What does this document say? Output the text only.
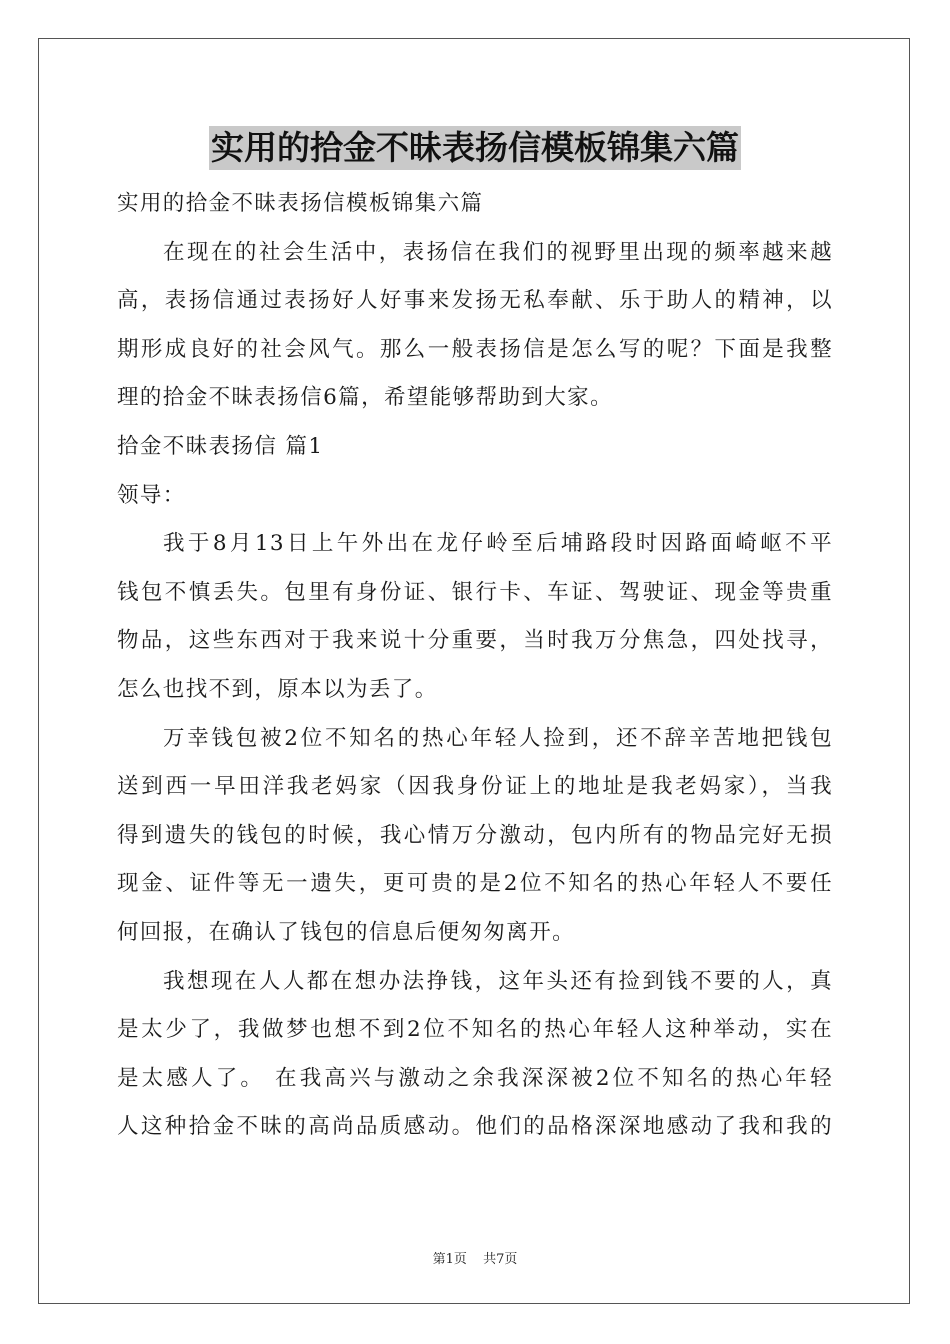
实用的拾金不昧表扬信模板锦集六篇
实用的拾金不昧表扬信模板锦集六篇
在现在的社会生活中，表扬信在我们的视野里出现的频率越来越
高，表扬信通过表扬好人好事来发扬无私奉献、乐于助人的精神，以
期形成良好的社会风气。那么一般表扬信是怎么写的呢？下面是我整
理的拾金不昧表扬信6篇，希望能够帮助到大家。
拾金不昧表扬信 篇1
领导：
我于8月13日上午外出在龙仔岭至后埔路段时因路面崎岖不平
钱包不慎丢失。包里有身份证、银行卡、车证、驾驶证、现金等贵重
物品，这些东西对于我来说十分重要，当时我万分焦急，四处找寻，
怎么也找不到，原本以为丢了。
万幸钱包被2位不知名的热心年轻人捡到，还不辞辛苦地把钱包
送到西一早田洋我老妈家（因我身份证上的地址是我老妈家），当我
得到遗失的钱包的时候，我心情万分激动，包内所有的物品完好无损
现金、证件等无一遗失，更可贵的是2位不知名的热心年轻人不要任
何回报，在确认了钱包的信息后便匆匆离开。
我想现在人人都在想办法挣钱，这年头还有捡到钱不要的人，真
是太少了，我做梦也想不到2位不知名的热心年轻人这种举动，实在
是太感人了。 在我高兴与激动之余我深深被2位不知名的热心年轻
人这种拾金不昧的高尚品质感动。他们的品格深深地感动了我和我的
第1页 共7页
